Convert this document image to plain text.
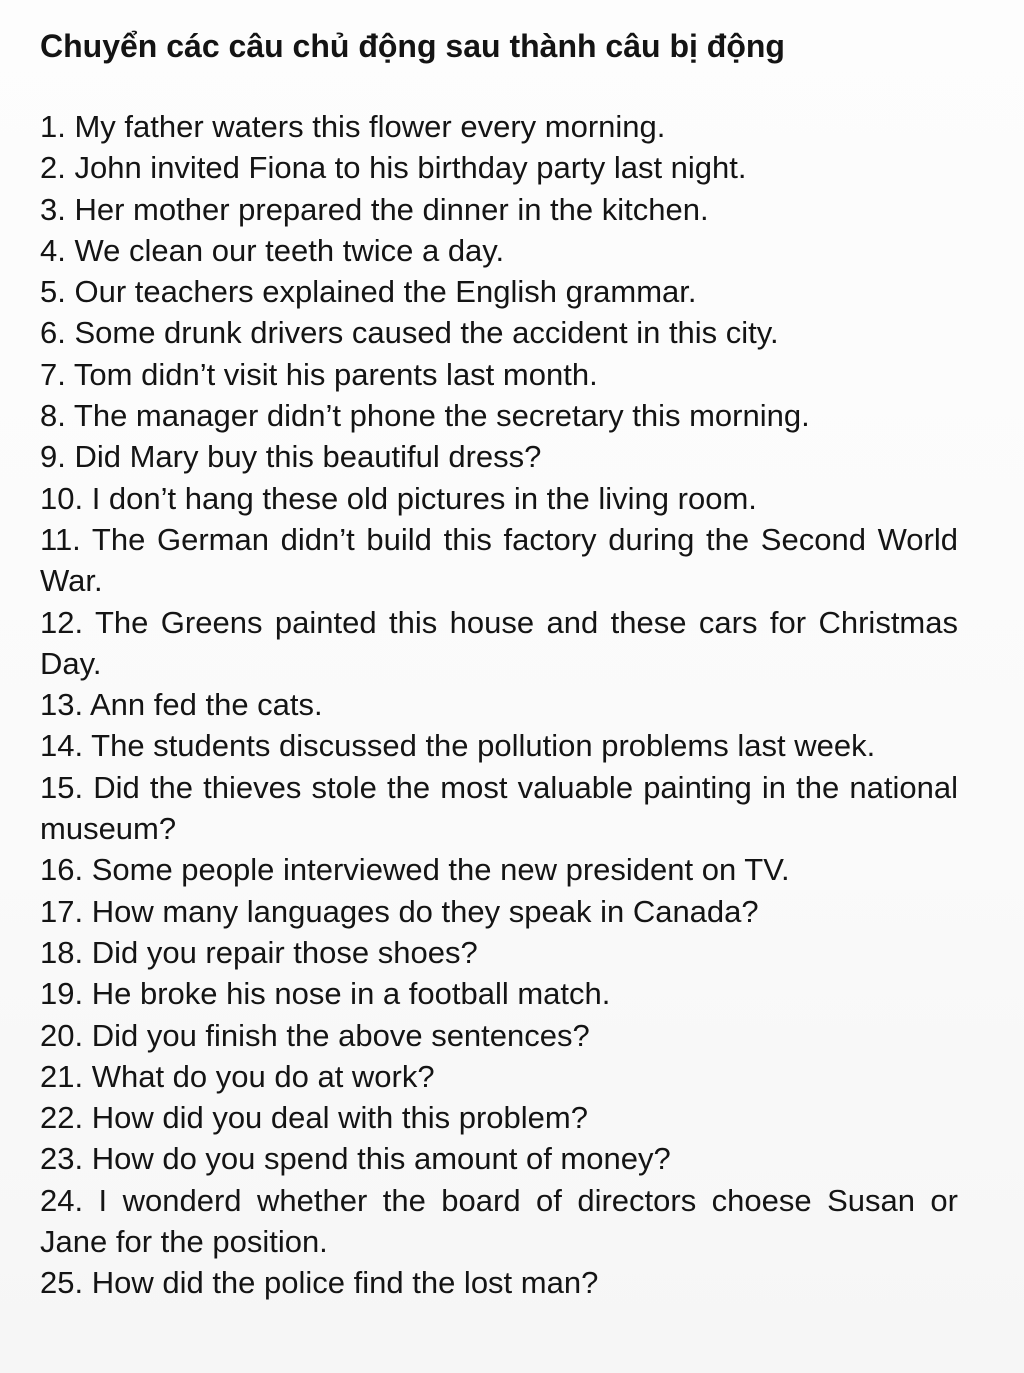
Chuyển các câu chủ động sau thành câu bị động
1. My father waters this flower every morning.
2. John invited Fiona to his birthday party last night.
3. Her mother prepared the dinner in the kitchen.
4. We clean our teeth twice a day.
5. Our teachers explained the English grammar.
6. Some drunk drivers caused the accident in this city.
7. Tom didn’t visit his parents last month.
8. The manager didn’t phone the secretary this morning.
9. Did Mary buy this beautiful dress?
10. I don’t hang these old pictures in the living room.
11. The German didn’t build this factory during the Second World War.
12. The Greens painted this house and these cars for Christmas Day.
13. Ann fed the cats.
14. The students discussed the pollution problems last week.
15. Did the thieves stole the most valuable painting in the national museum?
16. Some people interviewed the new president on TV.
17. How many languages do they speak in Canada?
18. Did you repair those shoes?
19. He broke his nose in a football match.
20. Did you finish the above sentences?
21. What do you do at work?
22. How did you deal with this problem?
23. How do you spend this amount of money?
24. I wonderd whether the board of directors choese Susan or Jane for the position.
25. How did the police find the lost man?
